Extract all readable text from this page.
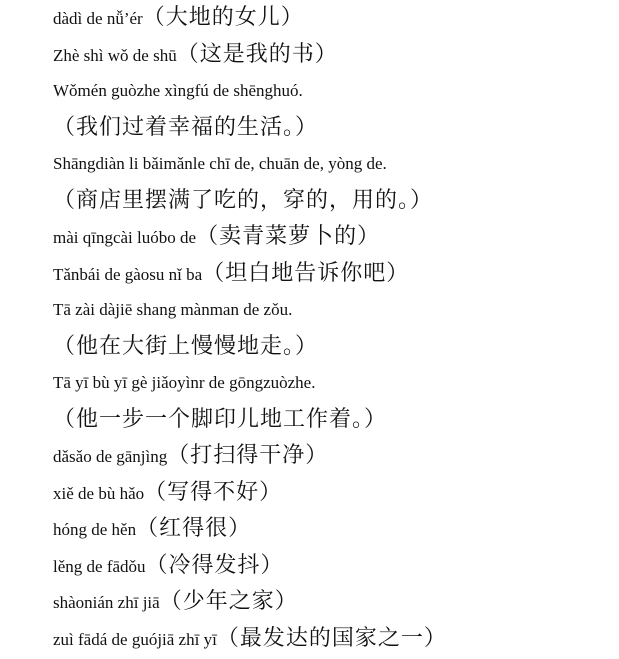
dàdì de nǚ’ér（大地的女儿）
Zhè shì wǒ de shū（这是我的书）
Wǒmén guòzhe xìngfú de shēnghuó.
（我们过着幸福的生活。）
Shāngdiàn li bǎimǎnle chī de, chuān de, yòng de.
（商店里摆满了吃的，穿的，用的。）
mài qīngcài luóbo de（卖青菜萝卜的）
Tǎnbái de gàosu nǐ ba（坦白地告诉你吧）
Tā zài dàjiē shang mànman de zǒu.
（他在大街上慢慢地走。）
Tā yī bù yī gè jiǎoyìnr de gōngzuòzhe.
（他一步一个脚印儿地工作着。）
dǎsǎo de gānjìng（打扫得干净）
xiě de bù hǎo（写得不好）
hóng de hěn（红得很）
lěng de fādǒu（冷得发抖）
shàonián zhī jiā（少年之家）
zuì fādá de guójiā zhī yī（最发达的国家之一）
